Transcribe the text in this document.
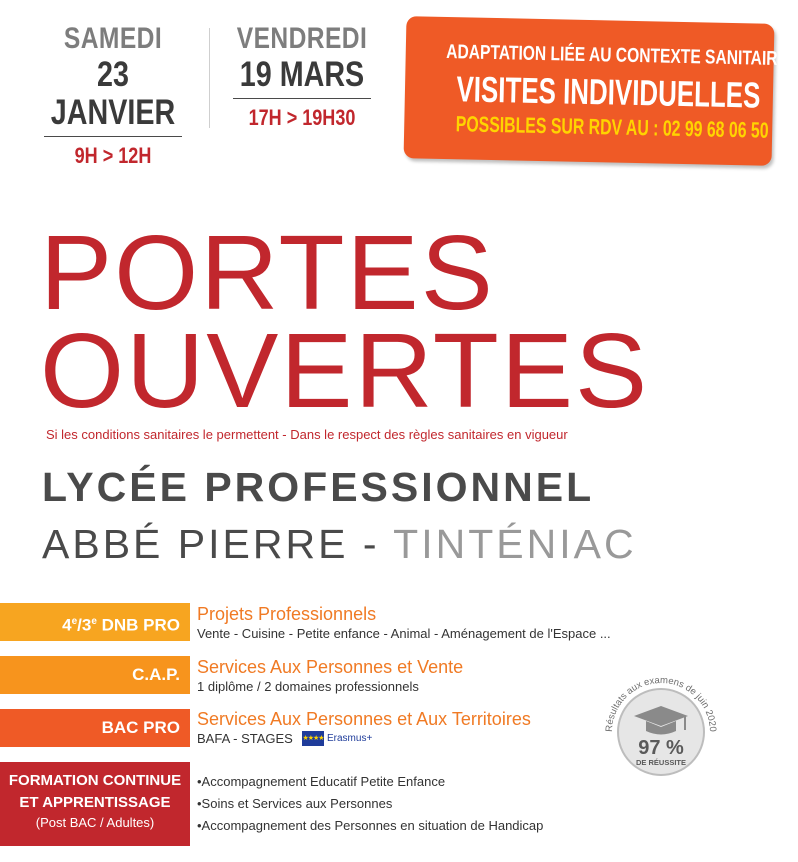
SAMEDI
23 JANVIER
9H > 12H
VENDREDI
19 MARS
17H > 19H30
ADAPTATION LIÉE AU CONTEXTE SANITAIRE
VISITES INDIVIDUELLES
POSSIBLES SUR RDV AU : 02 99 68 06 50
PORTES
OUVERTES
Si les conditions sanitaires le permettent - Dans le respect des règles sanitaires en vigueur
LYCÉE PROFESSIONNEL
ABBÉ PIERRE - TINTÉNIAC
4e/3e DNB PRO
Projets Professionnels
Vente - Cuisine - Petite enfance - Animal - Aménagement de l'Espace ...
C.A.P. Services Aux Personnes et Vente
1 diplôme / 2 domaines professionnels
BAC PRO Services Aux Personnes et Aux Territoires
BAFA - STAGES ★★★★ Erasmus+
FORMATION CONTINUE
ET APPRENTISSAGE
(Post BAC / Adultes)
•Accompagnement Educatif Petite Enfance
•Soins et Services aux Personnes
•Accompagnement des Personnes en situation de Handicap
Résultats aux examens de juin 2020
97 %
DE RÉUSSITE
